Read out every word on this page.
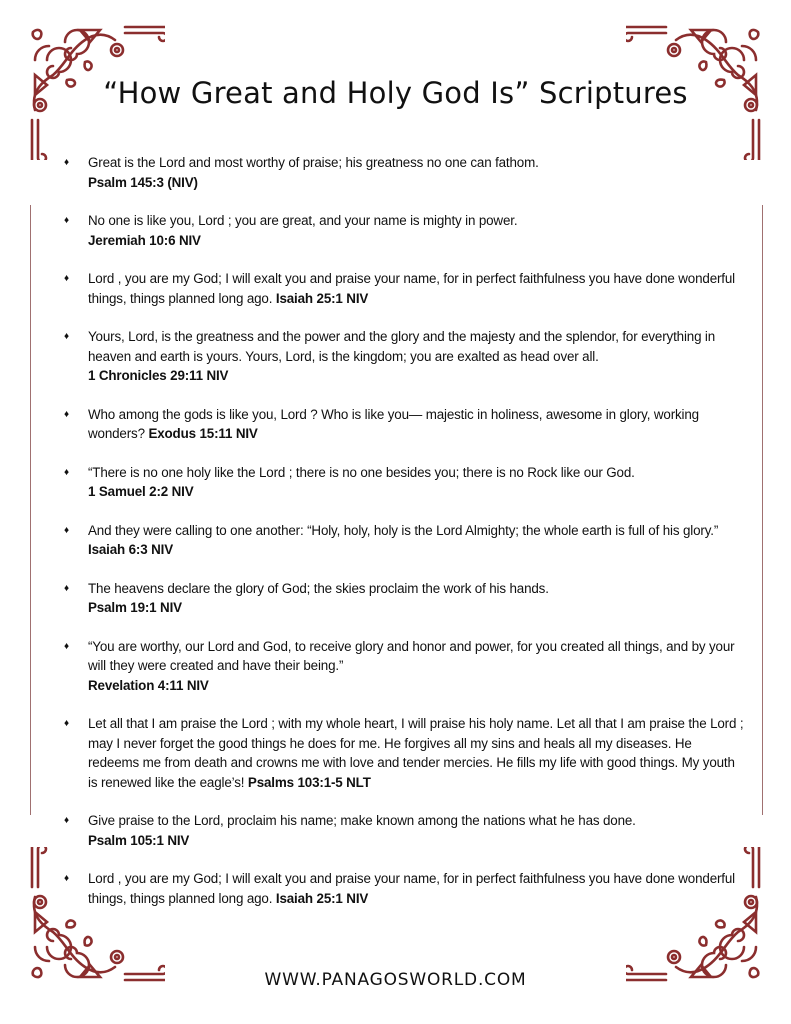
“How Great and Holy God Is” Scriptures
♦ Great is the Lord and most worthy of praise; his greatness no one can fathom.
Psalm 145:3 (NIV)
♦ No one is like you, Lord ; you are great, and your name is mighty in power.
Jeremiah 10:6 NIV
♦ Lord , you are my God; I will exalt you and praise your name, for in perfect faithfulness you have done wonderful things, things planned long ago. Isaiah 25:1 NIV
♦ Yours, Lord, is the greatness and the power and the glory and the majesty and the splendor, for everything in heaven and earth is yours. Yours, Lord, is the kingdom; you are exalted as head over all.
1 Chronicles 29:11 NIV
♦ Who among the gods is like you, Lord ? Who is like you— majestic in holiness, awesome in glory, working wonders? Exodus 15:11 NIV
♦ “There is no one holy like the Lord ; there is no one besides you; there is no Rock like our God.
1 Samuel 2:2 NIV
♦ And they were calling to one another: “Holy, holy, holy is the Lord Almighty; the whole earth is full of his glory.” Isaiah 6:3 NIV
♦ The heavens declare the glory of God; the skies proclaim the work of his hands.
Psalm 19:1 NIV
♦ “You are worthy, our Lord and God, to receive glory and honor and power, for you created all things, and by your will they were created and have their being.”
Revelation 4:11 NIV
♦ Let all that I am praise the Lord ; with my whole heart, I will praise his holy name. Let all that I am praise the Lord ; may I never forget the good things he does for me. He forgives all my sins and heals all my diseases. He redeems me from death and crowns me with love and tender mercies. He fills my life with good things. My youth is renewed like the eagle’s! Psalms 103:1-5 NLT
♦ Give praise to the Lord, proclaim his name; make known among the nations what he has done.
Psalm 105:1 NIV
♦ Lord , you are my God; I will exalt you and praise your name, for in perfect faithfulness you have done wonderful things, things planned long ago. Isaiah 25:1 NIV
WWW.PANAGOSWORLD.COM
